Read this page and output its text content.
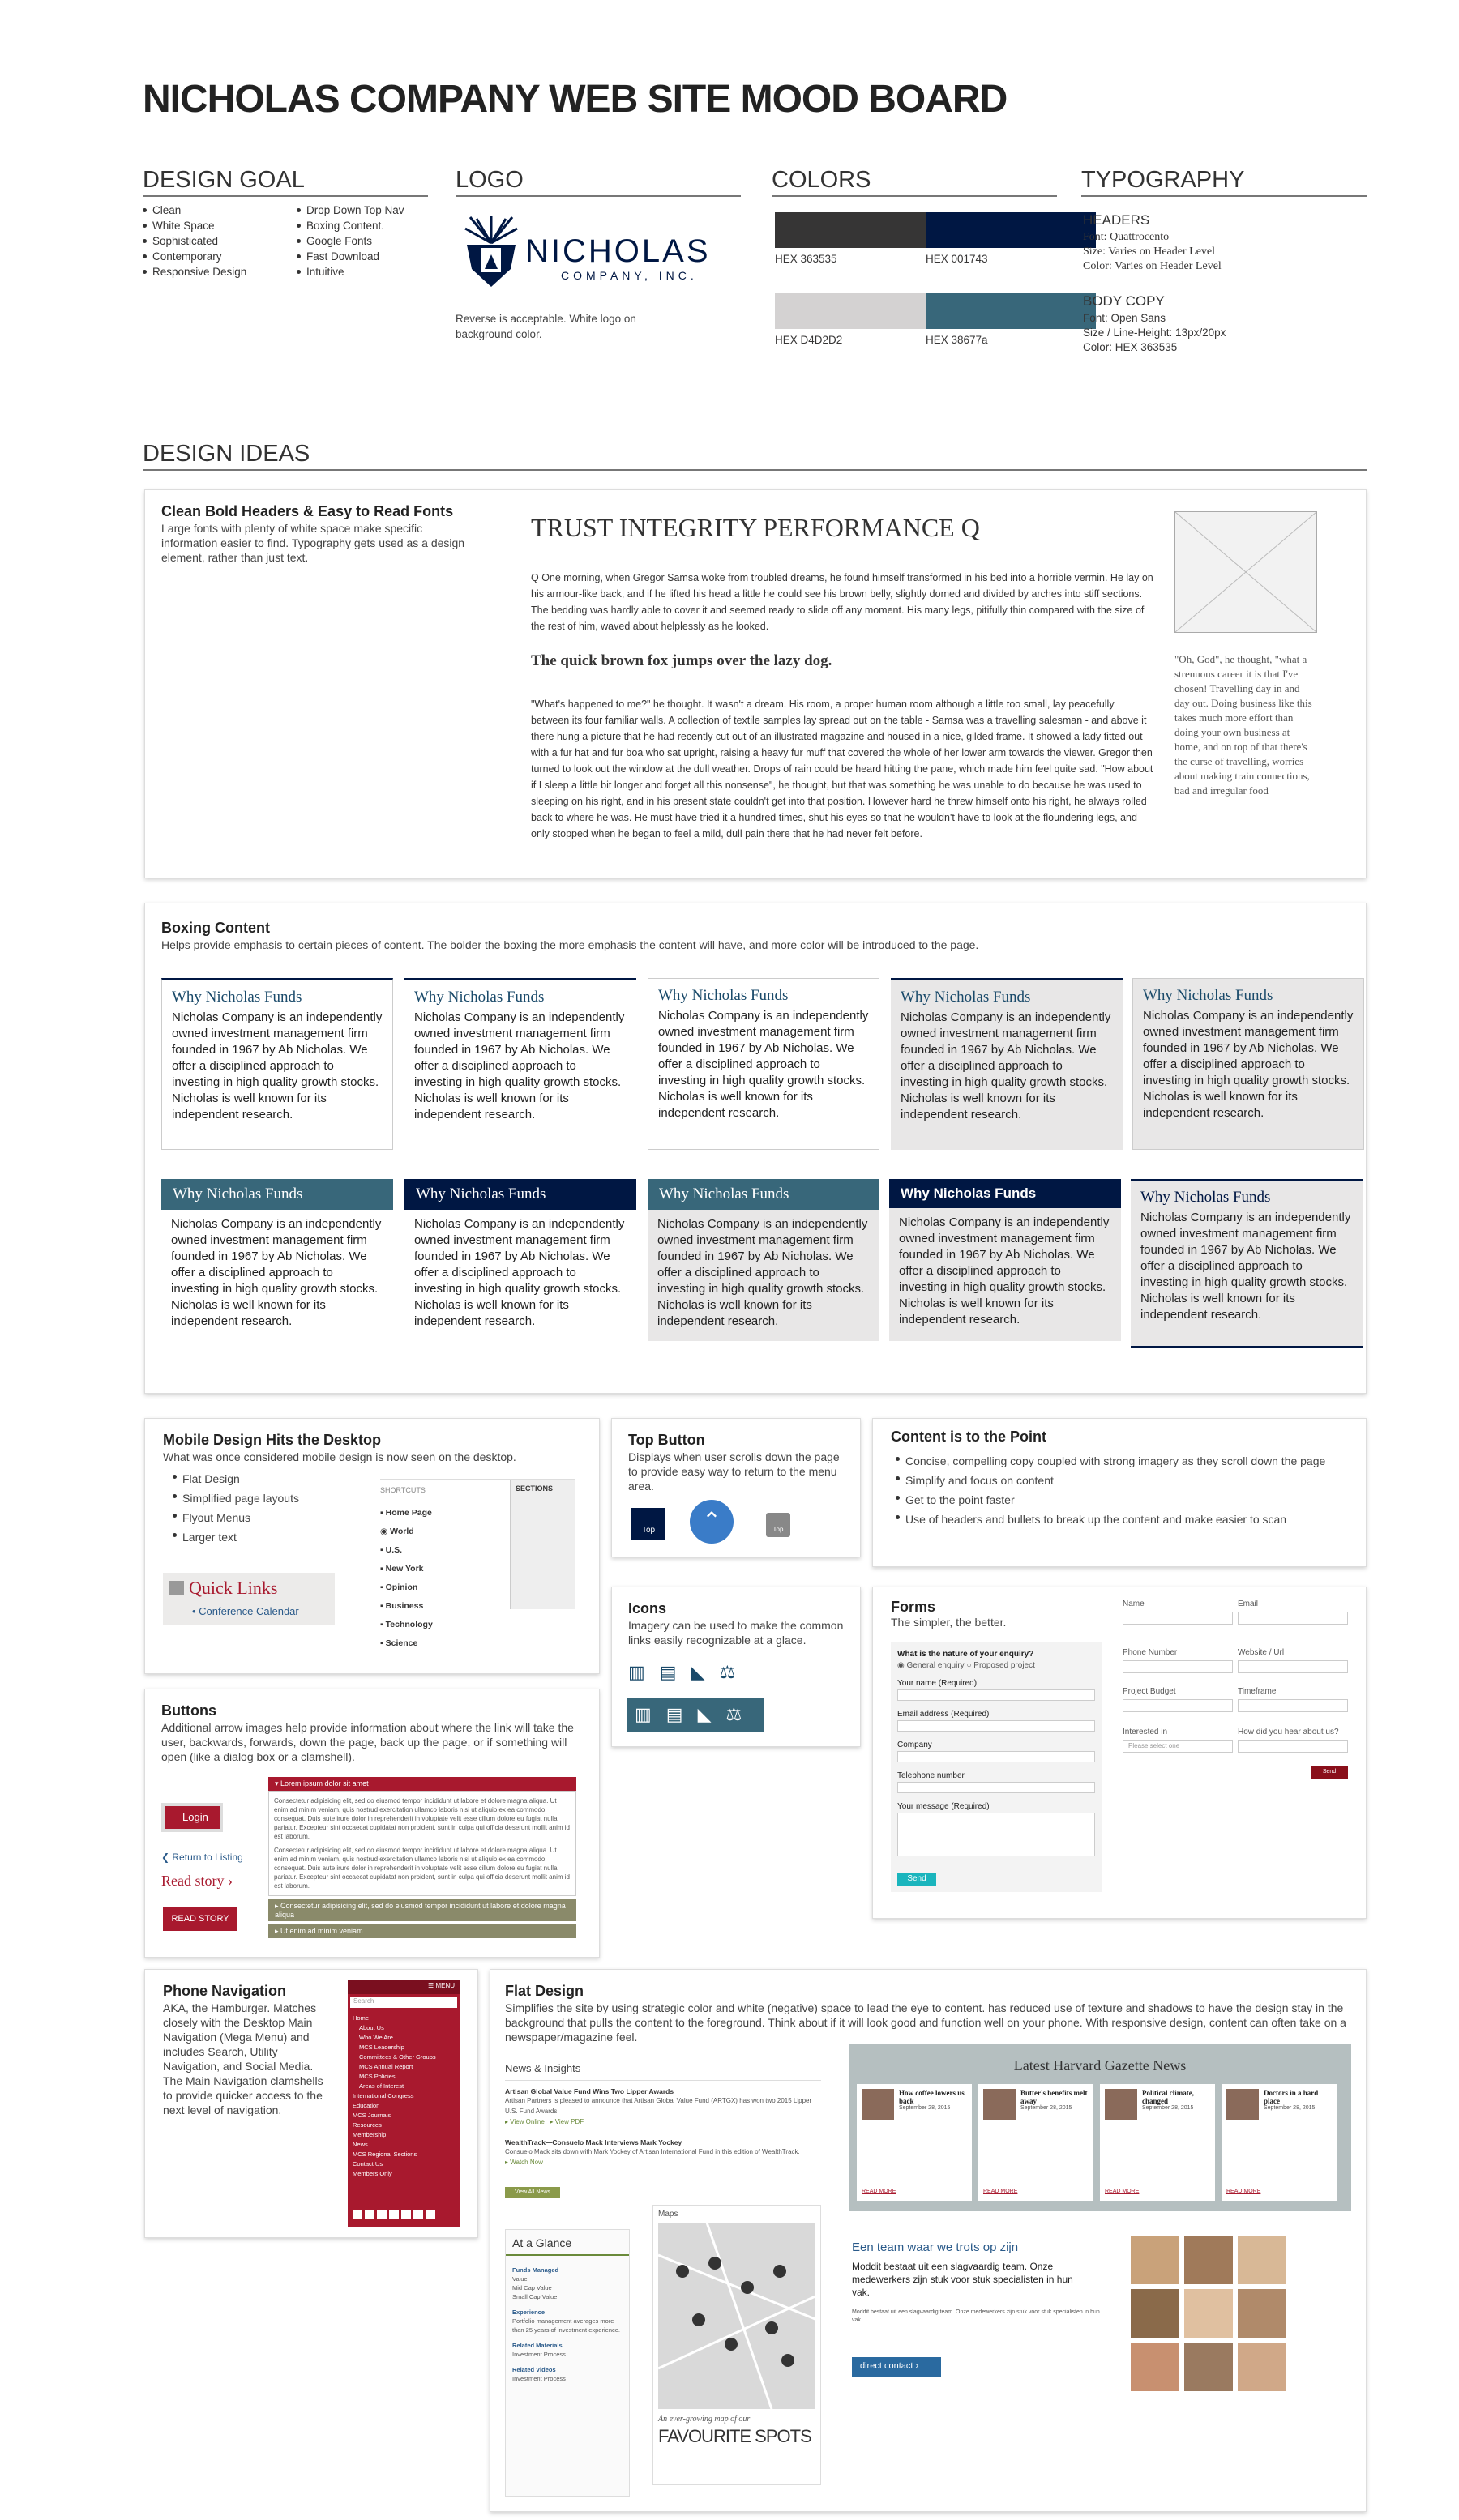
NICHOLAS COMPANY WEB SITE MOOD BOARD
DESIGN GOAL
Clean
White Space
Sophisticated
Contemporary
Responsive Design
Drop Down Top Nav
Boxing Content.
Google Fonts
Fast Download
Intuitive
LOGO
NICHOLAS
COMPANY, INC.
Reverse is acceptable. White logo on background color.
COLORS
HEX 363535	HEX 001743
HEX D4D2D2	HEX 38677a
TYPOGRAPHY
HEADERS
Font: Quattrocento
Size: Varies on Header Level
Color: Varies on Header Level
BODY COPY
Font: Open Sans
Size / Line-Height: 13px/20px
Color: HEX 363535
DESIGN IDEAS
Clean Bold Headers & Easy to Read Fonts
Large fonts with plenty of white space make specific information easier to find. Typography gets used as a design element, rather than just text.
TRUST INTEGRITY PERFORMANCE Q
Q One morning, when Gregor Samsa woke from troubled dreams, he found himself transformed in his bed into a horrible vermin. He lay on his armour-like back, and if he lifted his head a little he could see his brown belly, slightly domed and divided by arches into stiff sections. The bedding was hardly able to cover it and seemed ready to slide off any moment. His many legs, pitifully thin compared with the size of the rest of him, waved about helplessly as he looked.
The quick brown fox jumps over the lazy dog.
"What's happened to me?" he thought. It wasn't a dream. His room, a proper human room although a little too small, lay peacefully between its four familiar walls. A collection of textile samples lay spread out on the table - Samsa was a travelling salesman - and above it there hung a picture that he had recently cut out of an illustrated magazine and housed in a nice, gilded frame. It showed a lady fitted out with a fur hat and fur boa who sat upright, raising a heavy fur muff that covered the whole of her lower arm towards the viewer. Gregor then turned to look out the window at the dull weather. Drops of rain could be heard hitting the pane, which made him feel quite sad. "How about if I sleep a little bit longer and forget all this nonsense", he thought, but that was something he was unable to do because he was used to sleeping on his right, and in his present state couldn't get into that position. However hard he threw himself onto his right, he always rolled back to where he was. He must have tried it a hundred times, shut his eyes so that he wouldn't have to look at the floundering legs, and only stopped when he began to feel a mild, dull pain there that he had never felt before.
"Oh, God", he thought, "what a strenuous career it is that I've chosen! Travelling day in and day out. Doing business like this takes much more effort than doing your own business at home, and on top of that there's the curse of travelling, worries about making train connections, bad and irregular food
Boxing Content
Helps provide emphasis to certain pieces of content. The bolder the boxing the more emphasis the content will have, and more color will be introduced to the page.
Why Nicholas Funds
Nicholas Company is an independently owned investment management firm founded in 1967 by Ab Nicholas. We offer a disciplined approach to investing in high quality growth stocks. Nicholas is well known for its independent research.
Why Nicholas Funds
Nicholas Company is an independently owned investment management firm founded in 1967 by Ab Nicholas. We offer a disciplined approach to investing in high quality growth stocks. Nicholas is well known for its independent research.
Why Nicholas Funds
Nicholas Company is an independently owned investment management firm founded in 1967 by Ab Nicholas. We offer a disciplined approach to investing in high quality growth stocks. Nicholas is well known for its independent research.
Why Nicholas Funds
Nicholas Company is an independently owned investment management firm founded in 1967 by Ab Nicholas. We offer a disciplined approach to investing in high quality growth stocks. Nicholas is well known for its independent research.
Why Nicholas Funds
Nicholas Company is an independently owned investment management firm founded in 1967 by Ab Nicholas. We offer a disciplined approach to investing in high quality growth stocks. Nicholas is well known for its independent research.
Why Nicholas Funds
Nicholas Company is an independently owned investment management firm founded in 1967 by Ab Nicholas. We offer a disciplined approach to investing in high quality growth stocks. Nicholas is well known for its independent research.
Why Nicholas Funds
Nicholas Company is an independently owned investment management firm founded in 1967 by Ab Nicholas. We offer a disciplined approach to investing in high quality growth stocks. Nicholas is well known for its independent research.
Why Nicholas Funds
Nicholas Company is an independently owned investment management firm founded in 1967 by Ab Nicholas. We offer a disciplined approach to investing in high quality growth stocks. Nicholas is well known for its independent research.
Why Nicholas Funds
Nicholas Company is an independently owned investment management firm founded in 1967 by Ab Nicholas. We offer a disciplined approach to investing in high quality growth stocks. Nicholas is well known for its independent research.
Why Nicholas Funds
Nicholas Company is an independently owned investment management firm founded in 1967 by Ab Nicholas. We offer a disciplined approach to investing in high quality growth stocks. Nicholas is well known for its independent research.
Mobile Design Hits the Desktop
What was once considered mobile design is now seen on the desktop.
Flat Design
Simplified page layouts
Flyout Menus
Larger text
Quick Links
• Conference Calendar
SHORTCUTS	SECTIONS
▪ Home Page
◉ World
▪ U.S.
▪ New York
▪ Opinion
▪ Business
▪ Technology
▪ Science
Top Button
Displays when user scrolls down the page to provide easy way to return to the menu area.
Top	⌃	Top
Content is to the Point
Concise, compelling copy coupled with strong imagery as they scroll down the page
Simplify and focus on content
Get to the point faster
Use of headers and bullets to break up the content and make easier to scan
Icons
Imagery can be used to make the common links easily recognizable at a glace.
▥ ▤ ◣ ⚖
▥ ▤ ◣ ⚖
Forms
The simpler, the better.
What is the nature of your enquiry?
◉ General enquiry ○ Proposed project
Your name (Required)
Email address (Required)
Company
Telephone number
Your message (Required)
Send
Name	Email
Phone Number	Website / Url
Project Budget	Timeframe
Interested in
Please select one
How did you hear about us?
Send
Buttons
Additional arrow images help provide information about where the link will take the user, backwards, forwards, down the page, back up the page, or if something will open (like a dialog box or a clamshell).
Login
❮ Return to Listing
Read story ›
READ STORY
▾ Lorem ipsum dolor sit amet
Consectetur adipisicing elit, sed do eiusmod tempor incididunt ut labore et dolore magna aliqua. Ut enim ad minim veniam, quis nostrud exercitation ullamco laboris nisi ut aliquip ex ea commodo consequat. Duis aute irure dolor in reprehenderit in voluptate velit esse cillum dolore eu fugiat nulla pariatur. Excepteur sint occaecat cupidatat non proident, sunt in culpa qui officia deserunt mollit anim id est laborum.
Consectetur adipisicing elit, sed do eiusmod tempor incididunt ut labore et dolore magna aliqua. Ut enim ad minim veniam, quis nostrud exercitation ullamco laboris nisi ut aliquip ex ea commodo consequat. Duis aute irure dolor in reprehenderit in voluptate velit esse cillum dolore eu fugiat nulla pariatur. Excepteur sint occaecat cupidatat non proident, sunt in culpa qui officia deserunt mollit anim id est laborum.
▸ Consectetur adipisicing elit, sed do eiusmod tempor incididunt ut labore et dolore magna aliqua
▸ Ut enim ad minim veniam
Phone Navigation
AKA, the Hamburger. Matches closely with the Desktop Main Navigation (Mega Menu) and includes Search, Utility Navigation, and Social Media. The Main Navigation clamshells to provide quicker access to the next level of navigation.
☰ MENU
Search
Home
About Us
Who We Are
MCS Leadership
Committees & Other Groups
MCS Annual Report
MCS Policies
Areas of Interest
International Congress
Education
MCS Journals
Resources
Membership
News
MCS Regional Sections
Contact Us
Members Only
Flat Design
Simplifies the site by using strategic color and white (negative) space to lead the eye to content. has reduced use of texture and shadows to have the design stay in the background that pulls the content to the foreground. Think about if it will look good and function well on your phone. With responsive design, content can often take on a newspaper/magazine feel.
News & Insights
Artisan Global Value Fund Wins Two Lipper Awards
Artisan Partners is pleased to announce that Artisan Global Value Fund (ARTGX) has won two 2015 Lipper U.S. Fund Awards.
▸ View Online   ▸ View PDF
WealthTrack—Consuelo Mack Interviews Mark Yockey
Consuelo Mack sits down with Mark Yockey of Artisan International Fund in this edition of WealthTrack.
▸ Watch Now
View All News
At a Glance
Funds Managed
Value
Mid Cap Value
Small Cap Value
Experience
Portfolio management averages more than 25 years of investment experience.
Related Materials
Investment Process
Related Videos
Investment Process
Maps
An ever-growing map of our
FAVOURITE SPOTS
Latest Harvard Gazette News
How coffee lowers us back
September 28, 2015
READ MORE
Butter's benefits melt away
September 28, 2015
READ MORE
Political climate, changed
September 28, 2015
READ MORE
Doctors in a hard place
September 28, 2015
READ MORE
Een team waar we trots op zijn
Moddit bestaat uit een slagvaardig team. Onze medewerkers zijn stuk voor stuk specialisten in hun vak.
Moddit bestaat uit een slagvaardig team. Onze medewerkers zijn stuk voor stuk specialisten in hun vak.
direct contact ›
